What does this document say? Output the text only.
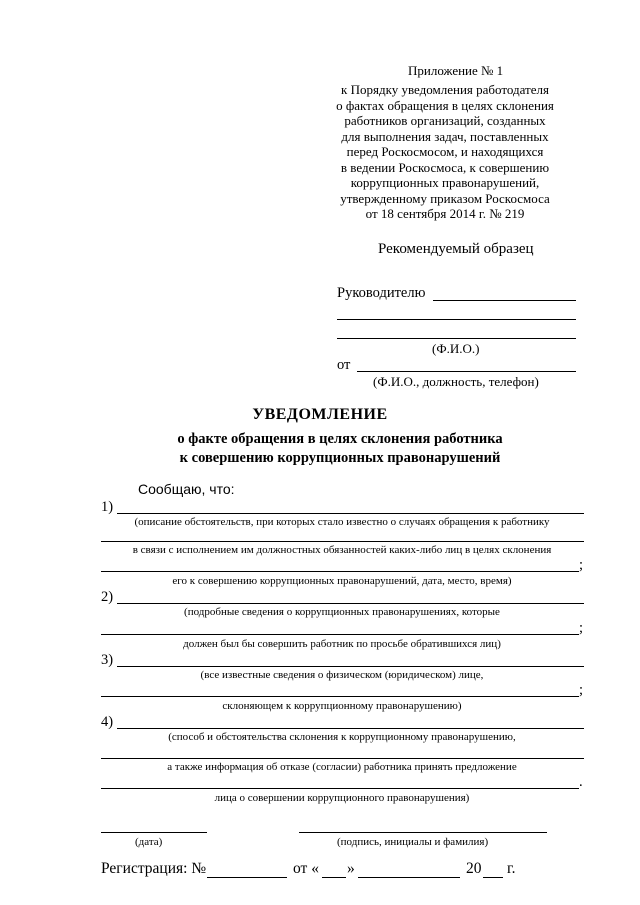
Приложение № 1
к Порядку уведомления работодателя
о фактах обращения в целях склонения
работников организаций, созданных
для выполнения задач, поставленных
перед Роскосмосом, и находящихся
в ведении Роскосмоса, к совершению
коррупционных правонарушений,
утвержденному приказом Роскосмоса
от 18 сентября 2014 г. № 219
Рекомендуемый образец
Руководителю
(Ф.И.О.)
от
(Ф.И.О., должность, телефон)
УВЕДОМЛЕНИЕ
о факте обращения в целях склонения работника
к совершению коррупционных правонарушений
Сообщаю, что:
1)
(описание обстоятельств, при которых стало известно о случаях обращения к работнику
в связи с исполнением им должностных обязанностей каких-либо лиц в целях склонения
;
его к совершению коррупционных правонарушений, дата, место, время)
2)
(подробные сведения о коррупционных правонарушениях, которые
;
должен был бы совершить работник по просьбе обратившихся лиц)
3)
(все известные сведения о физическом (юридическом) лице,
;
склоняющем к коррупционному правонарушению)
4)
(способ и обстоятельства склонения к коррупционному правонарушению,
а также информация об отказе (согласии) работника принять предложение
.
лица о совершении коррупционного правонарушения)
(дата)	(подпись, инициалы и фамилия)
Регистрация: №	от « »	20 г.
